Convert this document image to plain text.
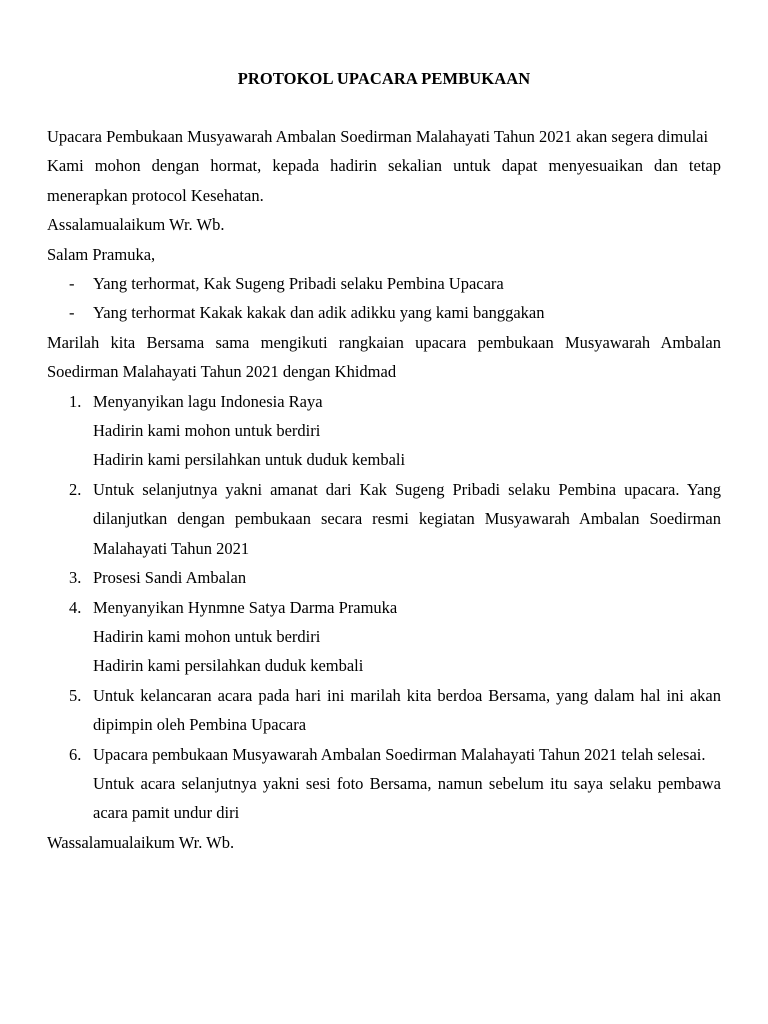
PROTOKOL UPACARA PEMBUKAAN

Upacara Pembukaan Musyawarah Ambalan Soedirman Malahayati Tahun 2021 akan segera dimulai

Kami mohon dengan hormat, kepada hadirin sekalian untuk dapat menyesuaikan dan tetap menerapkan protocol Kesehatan.

Assalamualaikum Wr. Wb.

Salam Pramuka,

- Yang terhormat, Kak Sugeng Pribadi selaku Pembina Upacara
- Yang terhormat Kakak kakak dan adik adikku yang kami banggakan

Marilah kita Bersama sama mengikuti rangkaian upacara pembukaan Musyawarah Ambalan Soedirman Malahayati Tahun 2021 dengan Khidmad

1. Menyanyikan lagu Indonesia Raya

Hadirin kami mohon untuk berdiri

Hadirin kami persilahkan untuk duduk kembali

2. Untuk selanjutnya yakni amanat dari Kak Sugeng Pribadi selaku Pembina upacara. Yang dilanjutkan dengan pembukaan secara resmi kegiatan Musyawarah Ambalan Soedirman Malahayati Tahun 2021

3. Prosesi Sandi Ambalan

4. Menyanyikan Hynmne Satya Darma Pramuka

Hadirin kami mohon untuk berdiri

Hadirin kami persilahkan duduk kembali

5. Untuk kelancaran acara pada hari ini marilah kita berdoa Bersama, yang dalam hal ini akan dipimpin oleh Pembina Upacara

6. Upacara pembukaan Musyawarah Ambalan Soedirman Malahayati Tahun 2021 telah selesai.

Untuk acara selanjutnya yakni sesi foto Bersama, namun sebelum itu saya selaku pembawa acara pamit undur diri

Wassalamualaikum Wr. Wb.
